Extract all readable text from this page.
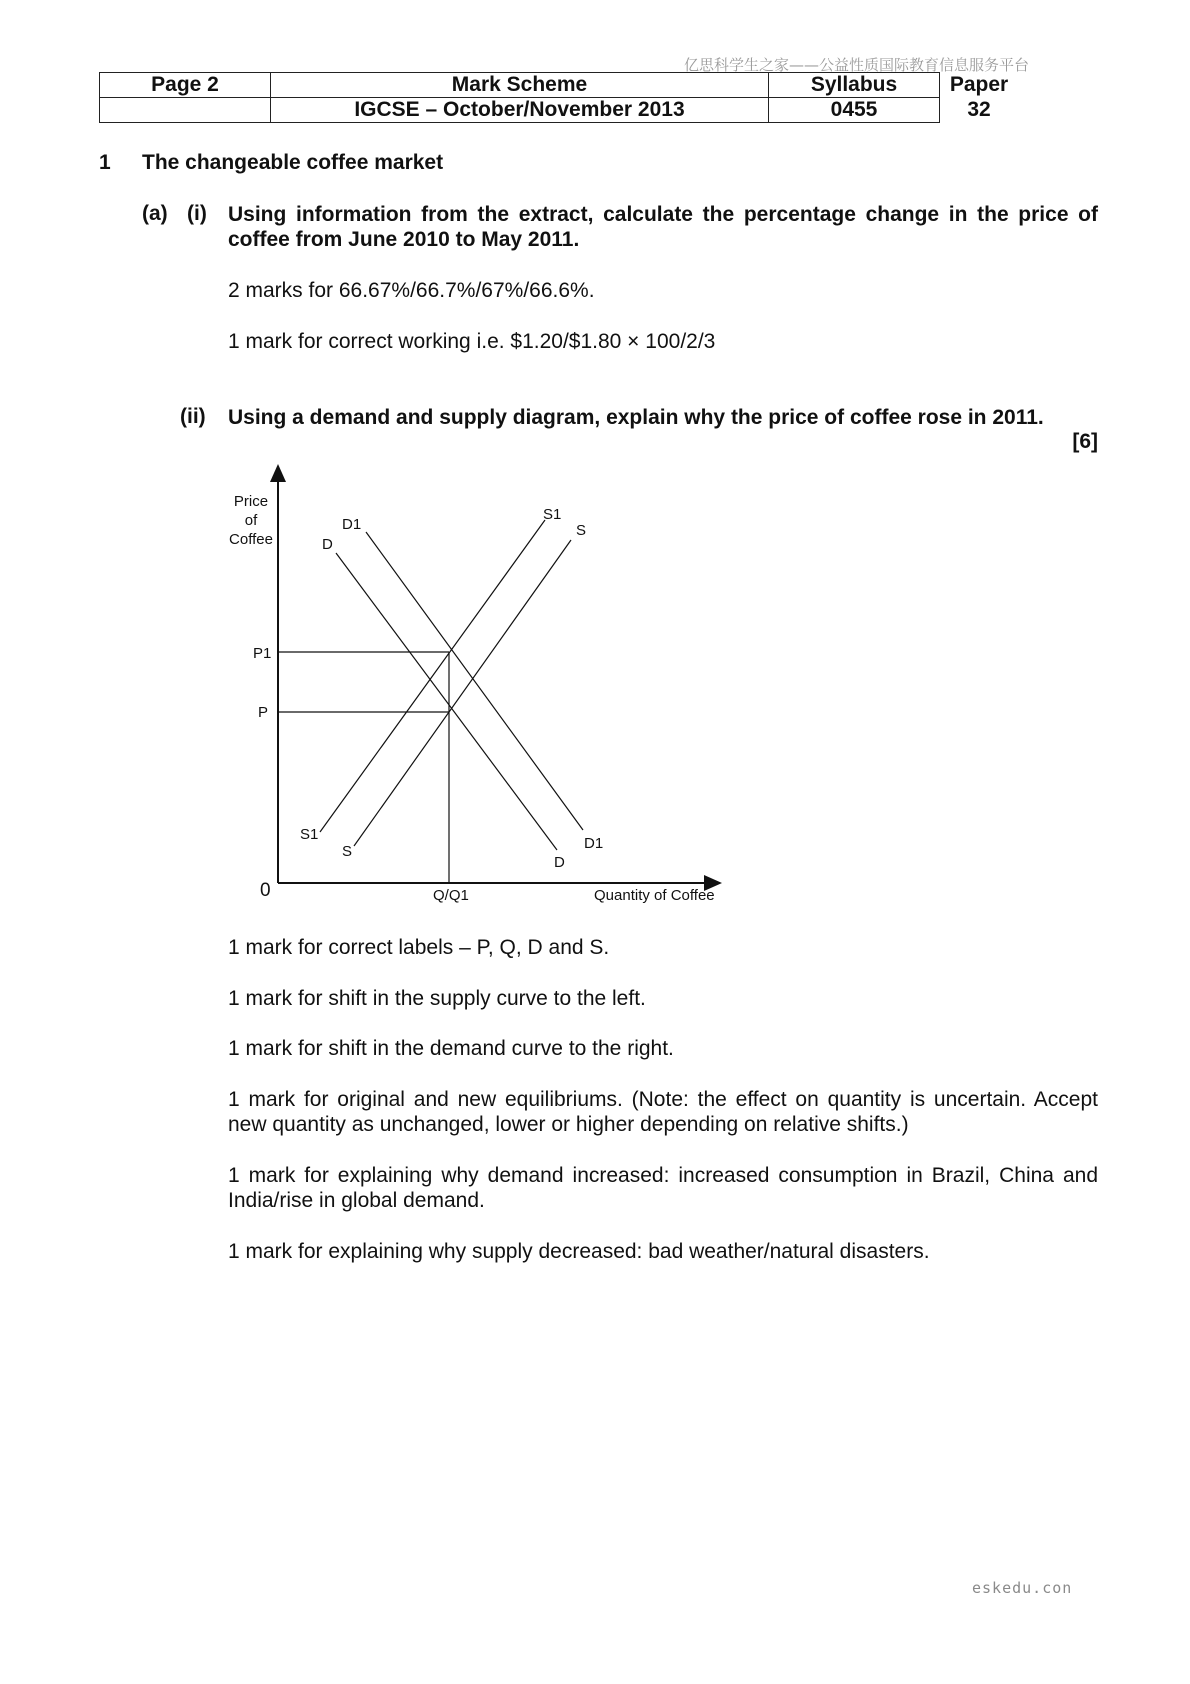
亿思科学生之家——公益性质国际教育信息服务平台
Page 2	Mark Scheme	Syllabus	Paper
	IGCSE – October/November 2013	0455	32
1 The changeable coffee market
(a) (i) Using information from the extract, calculate the percentage change in the price of coffee from June 2010 to May 2011.
2 marks for 66.67%/66.7%/67%/66.6%.
1 mark for correct working i.e. $1.20/$1.80 × 100/2/3
(ii) Using a demand and supply diagram, explain why the price of coffee rose in 2011.
[6]
Price
of
Coffee
0	Quantity of Coffee
Q/Q1
P1
P
D1
D
S1
S
S1
S	D1
D
1 mark for correct labels – P, Q, D and S.
1 mark for shift in the supply curve to the left.
1 mark for shift in the demand curve to the right.
1 mark for original and new equilibriums. (Note: the effect on quantity is uncertain. Accept new quantity as unchanged, lower or higher depending on relative shifts.)
1 mark for explaining why demand increased: increased consumption in Brazil, China and India/rise in global demand.
1 mark for explaining why supply decreased: bad weather/natural disasters.
eskedu.con
